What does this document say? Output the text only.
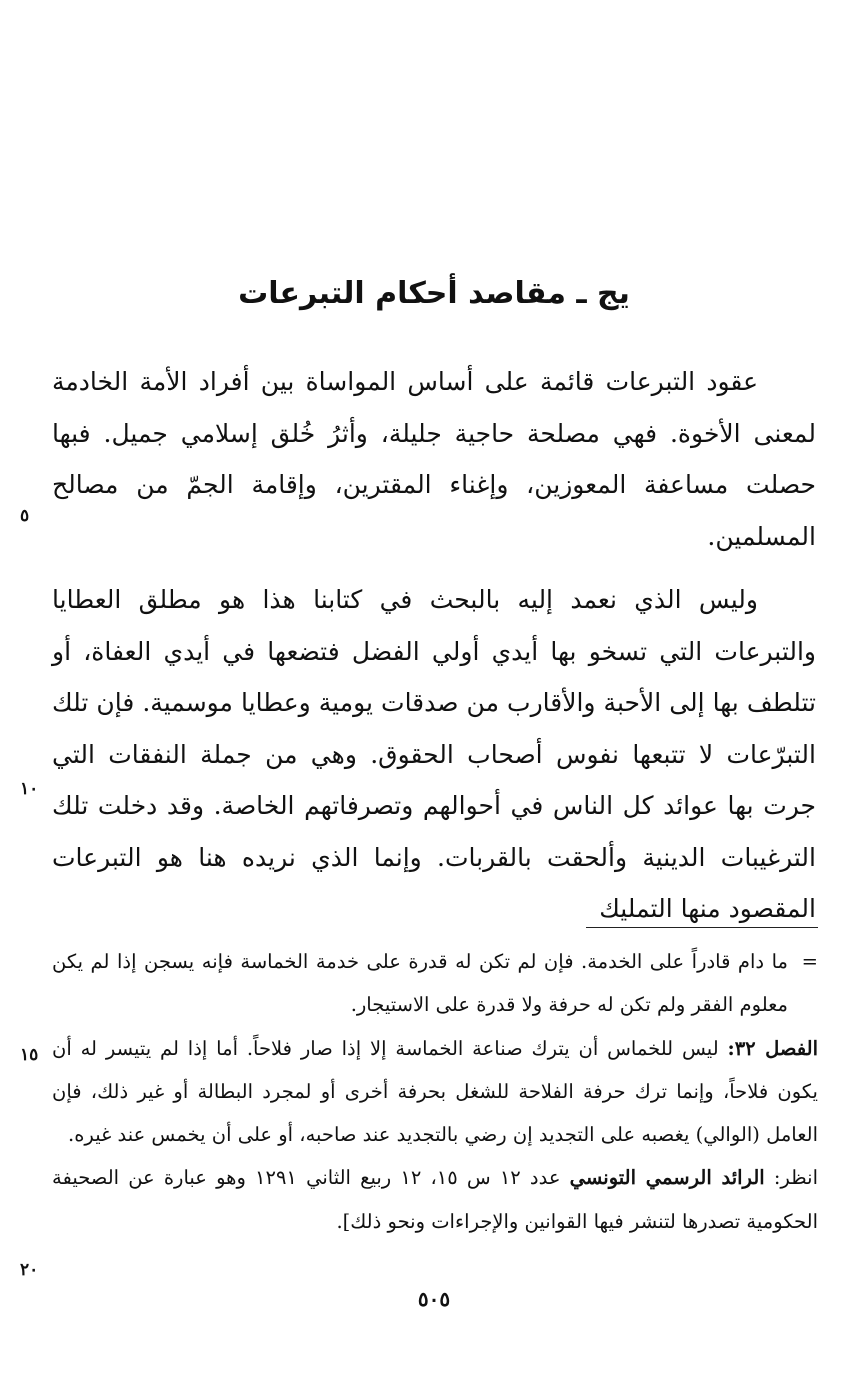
يج ـ مقاصد أحكام التبرعات

عقود التبرعات قائمة على أساس المواساة بين أفراد الأمة الخادمة لمعنى الأخوة. فهي مصلحة حاجية جليلة، وأثرُ خُلق إسلامي جميل. فبها حصلت مساعفة المعوزين، وإغناء المقترين، وإقامة الجمّ من مصالح المسلمين.

وليس الذي نعمد إليه بالبحث في كتابنا هذا هو مطلق العطايا والتبرعات التي تسخو بها أيدي أولي الفضل فتضعها في أيدي العفاة، أو تتلطف بها إلى الأحبة والأقارب من صدقات يومية وعطايا موسمية. فإن تلك التبرّعات لا تتبعها نفوس أصحاب الحقوق. وهي من جملة النفقات التي جرت بها عوائد كل الناس في أحوالهم وتصرفاتهم الخاصة. وقد دخلت تلك الترغيبات الدينية وألحقت بالقربات. وإنما الذي نريده هنا هو التبرعات المقصود منها التمليك

=
ما دام قادراً على الخدمة. فإن لم تكن له قدرة على خدمة الخماسة فإنه يسجن إذا لم يكن معلوم الفقر ولم تكن له حرفة ولا قدرة على الاستيجار.

الفصل ٣٢: ليس للخماس أن يترك صناعة الخماسة إلا إذا صار فلاحاً. أما إذا لم يتيسر له أن يكون فلاحاً، وإنما ترك حرفة الفلاحة للشغل بحرفة أخرى أو لمجرد البطالة أو غير ذلك، فإن العامل (الوالي) يغصبه على التجديد إن رضي بالتجديد عند صاحبه، أو على أن يخمس عند غيره.

انظر: الرائد الرسمي التونسي عدد ١٢ س ١٥، ١٢ ربيع الثاني ١٢٩١ وهو عبارة عن الصحيفة الحكومية تصدرها لتنشر فيها القوانين والإجراءات ونحو ذلك].

٥
١٠
١٥
٢٠
٥٠٥
